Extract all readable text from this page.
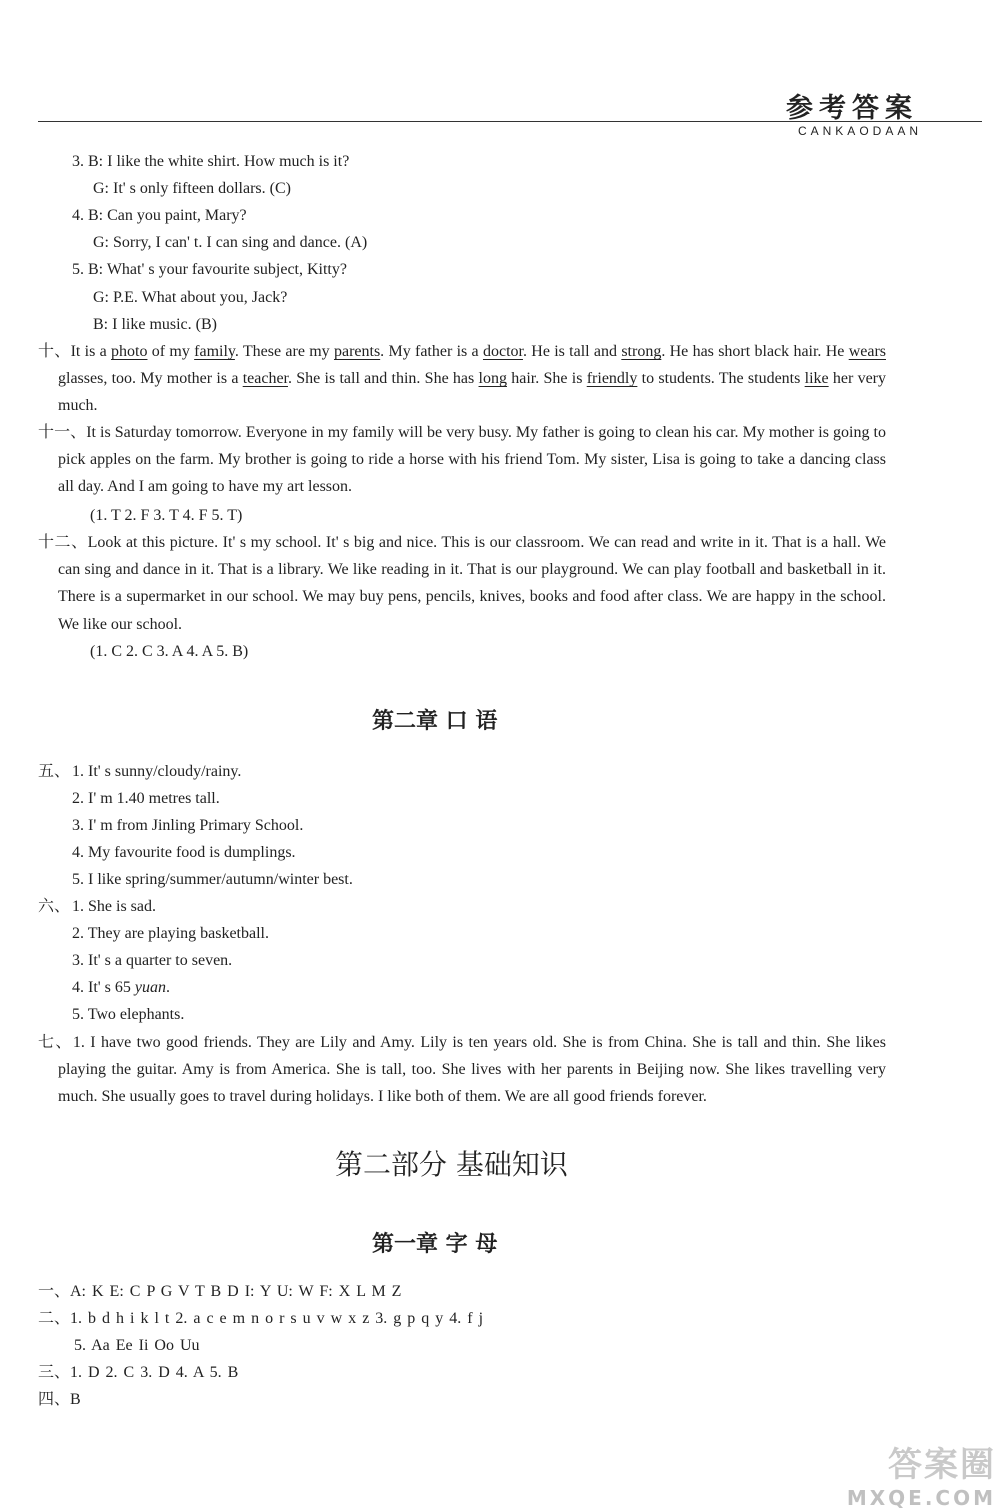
参考答案
CANKAODAAN
3. B: I like the white shirt. How much is it?
G: It' s only fifteen dollars. (C)
4. B: Can you paint, Mary?
G: Sorry, I can' t. I can sing and dance. (A)
5. B: What' s your favourite subject, Kitty?
G: P.E. What about you, Jack?
B: I like music. (B)
十、It is a photo of my family. These are my parents. My father is a doctor. He is tall and strong. He has short black hair. He wears glasses, too. My mother is a teacher. She is tall and thin. She has long hair. She is friendly to students. The students like her very much.
十一、It is Saturday tomorrow. Everyone in my family will be very busy. My father is going to clean his car. My mother is going to pick apples on the farm. My brother is going to ride a horse with his friend Tom. My sister, Lisa is going to take a dancing class all day. And I am going to have my art lesson.
(1. T 2. F 3. T 4. F 5. T)
十二、Look at this picture. It' s my school. It' s big and nice. This is our classroom. We can read and write in it. That is a hall. We can sing and dance in it. That is a library. We like reading in it. That is our playground. We can play football and basketball in it. There is a supermarket in our school. We may buy pens, pencils, knives, books and food after class. We are happy in the school. We like our school.
(1. C 2. C 3. A 4. A 5. B)
第二章 口 语
五、 1. It' s sunny/cloudy/rainy.
2. I' m 1.40 metres tall.
3. I' m from Jinling Primary School.
4. My favourite food is dumplings.
5. I like spring/summer/autumn/winter best.
六、 1. She is sad.
2. They are playing basketball.
3. It' s a quarter to seven.
4. It' s 65 yuan.
5. Two elephants.
七、1. I have two good friends. They are Lily and Amy. Lily is ten years old. She is from China. She is tall and thin. She likes playing the guitar. Amy is from America. She is tall, too. She lives with her parents in Beijing now. She likes travelling very much. She usually goes to travel during holidays. I like both of them. We are all good friends forever.
第二部分 基础知识
第一章 字 母
一、A: K E: C P G V T B D I: Y U: W F: X L M Z
二、1. b d h i k l t 2. a c e m n o r s u v w x z 3. g p q y 4. f j
5. Aa Ee Ii Oo Uu
三、1. D 2. C 3. D 4. A 5. B
四、B
答案圈
MXQE.COM
